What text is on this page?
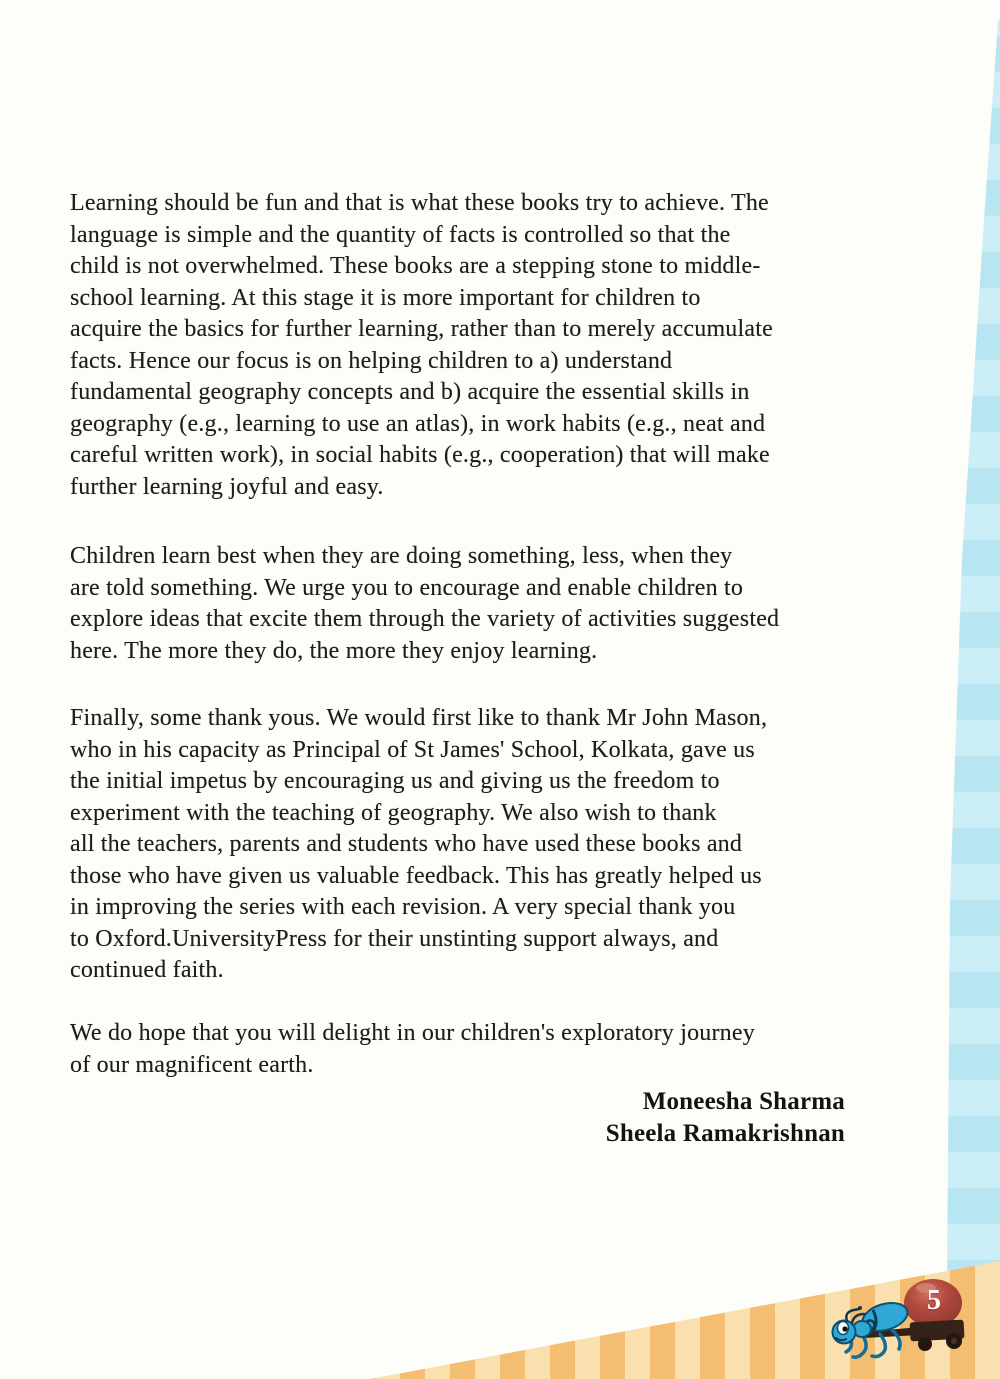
Learning should be fun and that is what these books try to achieve. The
language is simple and the quantity of facts is controlled so that the
child is not overwhelmed. These books are a stepping stone to middle-
school learning. At this stage it is more important for children to
acquire the basics for further learning, rather than to merely accumulate
facts. Hence our focus is on helping children to a) understand
fundamental geography concepts and b) acquire the essential skills in
geography (e.g., learning to use an atlas), in work habits (e.g., neat and
careful written work), in social habits (e.g., cooperation) that will make
further learning joyful and easy.
Children learn best when they are doing something, less, when they
are told something. We urge you to encourage and enable children to
explore ideas that excite them through the variety of activities suggested
here. The more they do, the more they enjoy learning.
Finally, some thank yous. We would first like to thank Mr John Mason,
who in his capacity as Principal of St James' School, Kolkata, gave us
the initial impetus by encouraging us and giving us the freedom to
experiment with the teaching of geography. We also wish to thank
all the teachers, parents and students who have used these books and
those who have given us valuable feedback. This has greatly helped us
in improving the series with each revision. A very special thank you
to Oxford.UniversityPress for their unstinting support always, and
continued faith.
We do hope that you will delight in our children's exploratory journey
of our magnificent earth.
Moneesha Sharma
Sheela Ramakrishnan
5
